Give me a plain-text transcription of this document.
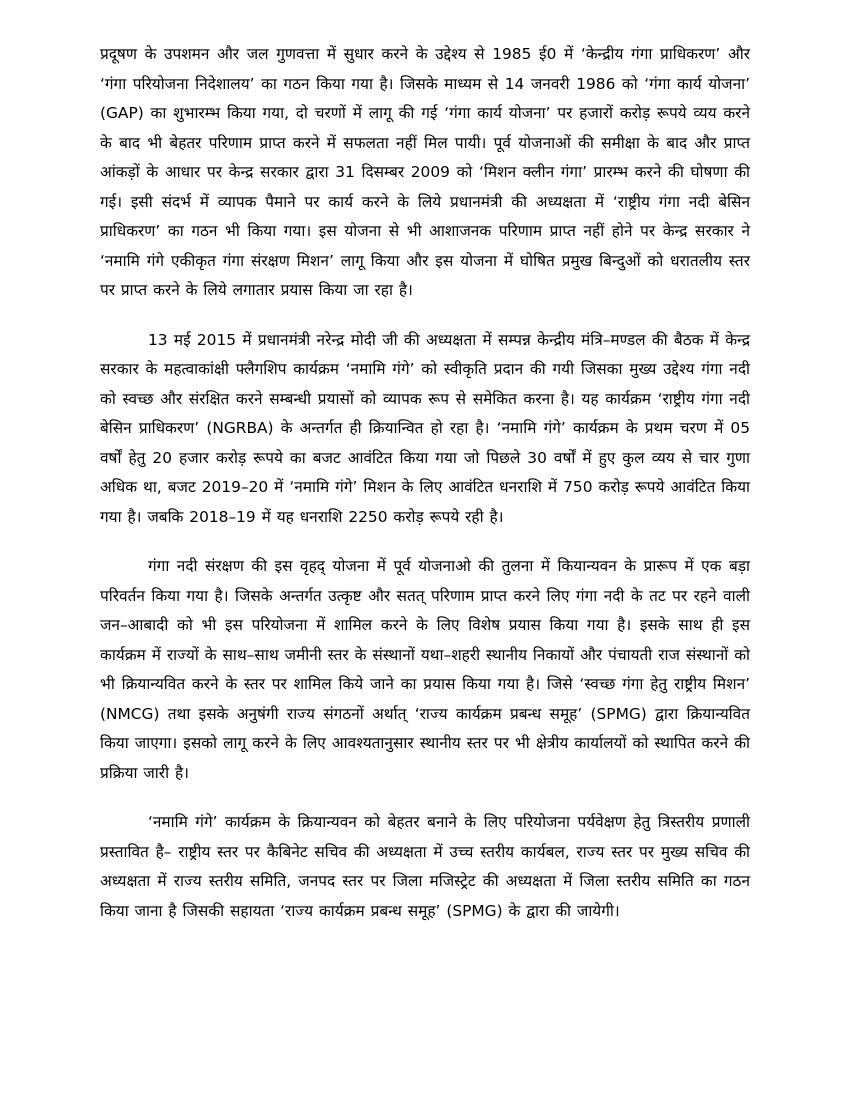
प्रदूषण के उपशमन और जल गुणवत्ता में सुधार करने के उद्देश्य से 1985 ई0 में ‘केन्द्रीय गंगा प्राधिकरण’ और ‘गंगा परियोजना निदेशालय’ का गठन किया गया है। जिसके माध्यम से 14 जनवरी 1986 को ‘गंगा कार्य योजना’ (GAP) का शुभारम्भ किया गया, दो चरणों में लागू की गई ‘गंगा कार्य योजना’ पर हजारों करोड़ रूपये व्यय करने के बाद भी बेहतर परिणाम प्राप्त करने में सफलता नहीं मिल पायी। पूर्व योजनाओं की समीक्षा के बाद और प्राप्त आंकड़ों के आधार पर केन्द्र सरकार द्वारा 31 दिसम्बर 2009 को ‘मिशन क्लीन गंगा’ प्रारम्भ करने की घोषणा की गई। इसी संदर्भ में व्यापक पैमाने पर कार्य करने के लिये प्रधानमंत्री की अध्यक्षता में ‘राष्ट्रीय गंगा नदी बेसिन प्राधिकरण’ का गठन भी किया गया। इस योजना से भी आशाजनक परिणाम प्राप्त नहीं होने पर केन्द्र सरकार ने ‘नमामि गंगे एकीकृत गंगा संरक्षण मिशन’ लागू किया और इस योजना में घोषित प्रमुख बिन्दुओं को धरातलीय स्तर पर प्राप्त करने के लिये लगातार प्रयास किया जा रहा है।

13 मई 2015 में प्रधानमंत्री नरेन्द्र मोदी जी की अध्यक्षता में सम्पन्न केन्द्रीय मंत्रि–मण्डल की बैठक में केन्द्र सरकार के महत्वाकांक्षी फ्लैगशिप कार्यक्रम ‘नमामि गंगे’ को स्वीकृति प्रदान की गयी जिसका मुख्य उद्देश्य गंगा नदी को स्वच्छ और संरक्षित करने सम्बन्धी प्रयासों को व्यापक रूप से समेकित करना है। यह कार्यक्रम ‘राष्ट्रीय गंगा नदी बेसिन प्राधिकरण’ (NGRBA) के अन्तर्गत ही क्रियान्वित हो रहा है। ‘नमामि गंगे’ कार्यक्रम के प्रथम चरण में 05 वर्षों हेतु 20 हजार करोड़ रूपये का बजट आवंटित किया गया जो पिछले 30 वर्षों में हुए कुल व्यय से चार गुणा अधिक था, बजट 2019–20 में ‘नमामि गंगे’ मिशन के लिए आवंटित धनराशि में 750 करोड़ रूपये आवंटित किया गया है। जबकि 2018–19 में यह धनराशि 2250 करोड़ रूपये रही है।

गंगा नदी संरक्षण की इस वृहद् योजना में पूर्व योजनाओ की तुलना में कियान्यवन के प्रारूप में एक बड़ा परिवर्तन किया गया है। जिसके अन्तर्गत उत्कृष्ट और सतत् परिणाम प्राप्त करने लिए गंगा नदी के तट पर रहने वाली जन–आबादी को भी इस परियोजना में शामिल करने के लिए विशेष प्रयास किया गया है। इसके साथ ही इस कार्यक्रम में राज्यों के साथ–साथ जमीनी स्तर के संस्थानों यथा–शहरी स्थानीय निकायों और पंचायती राज संस्थानों को भी क्रियान्यवित करने के स्तर पर शामिल किये जाने का प्रयास किया गया है। जिसे ‘स्वच्छ गंगा हेतु राष्ट्रीय मिशन’ (NMCG) तथा इसके अनुषंगी राज्य संगठनों अर्थात् ‘राज्य कार्यक्रम प्रबन्ध समूह’ (SPMG) द्वारा क्रियान्यवित किया जाएगा। इसको लागू करने के लिए आवश्यतानुसार स्थानीय स्तर पर भी क्षेत्रीय कार्यालयों को स्थापित करने की प्रक्रिया जारी है।

‘नमामि गंगे’ कार्यक्रम के क्रियान्यवन को बेहतर बनाने के लिए परियोजना पर्यवेक्षण हेतु त्रिस्तरीय प्रणाली प्रस्तावित है– राष्ट्रीय स्तर पर कैबिनेट सचिव की अध्यक्षता में उच्च स्तरीय कार्यबल, राज्य स्तर पर मुख्य सचिव की अध्यक्षता में राज्य स्तरीय समिति, जनपद स्तर पर जिला मजिस्ट्रेट की अध्यक्षता में जिला स्तरीय समिति का गठन किया जाना है जिसकी सहायता ‘राज्य कार्यक्रम प्रबन्ध समूह’ (SPMG) के द्वारा की जायेगी।
